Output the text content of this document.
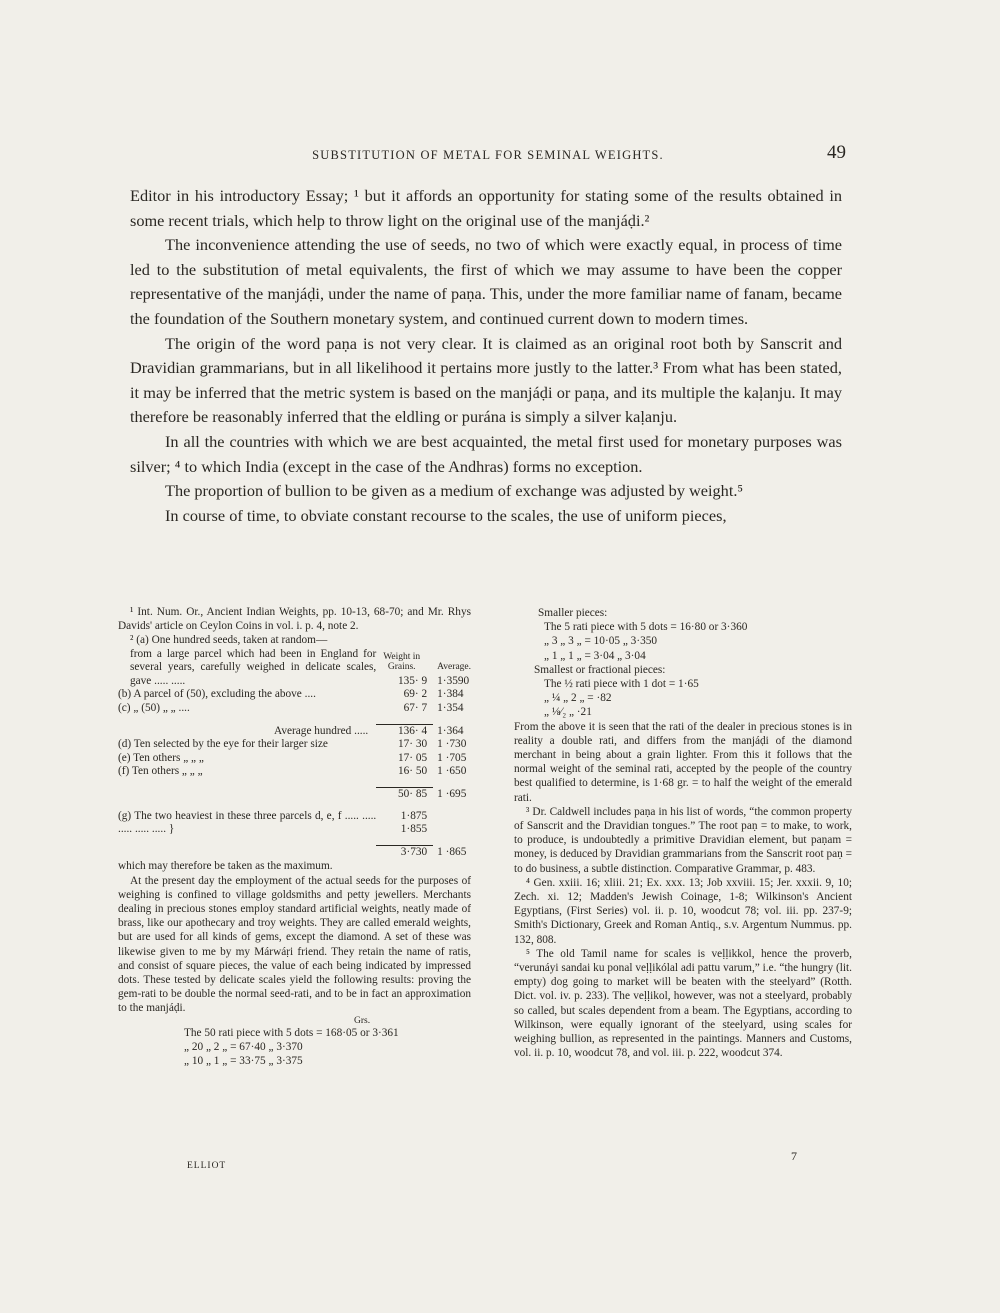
SUBSTITUTION OF METAL FOR SEMINAL WEIGHTS.	49

Editor in his introductory Essay; ¹ but it affords an opportunity for stating some of the results obtained in some recent trials, which help to throw light on the original use of the manjáḍi.²

The inconvenience attending the use of seeds, no two of which were exactly equal, in process of time led to the substitution of metal equivalents, the first of which we may assume to have been the copper representative of the manjáḍi, under the name of paṇa. This, under the more familiar name of fanam, became the foundation of the Southern monetary system, and continued current down to modern times.

The origin of the word paṇa is not very clear. It is claimed as an original root both by Sanscrit and Dravidian grammarians, but in all likelihood it pertains more justly to the latter.³ From what has been stated, it may be inferred that the metric system is based on the manjáḍi or paṇa, and its multiple the kaḷanju. It may therefore be reasonably inferred that the eldling or purána is simply a silver kaḷanju.

In all the countries with which we are best acquainted, the metal first used for monetary purposes was silver; ⁴ to which India (except in the case of the Andhras) forms no exception.

The proportion of bullion to be given as a medium of exchange was adjusted by weight.⁵

In course of time, to obviate constant recourse to the scales, the use of uniform pieces,

¹ Int. Num. Or., Ancient Indian Weights, pp. 10-13, 68-70; and Mr. Rhys Davids' article on Ceylon Coins in vol. i. p. 4, note 2.

² (a) One hundred seeds, taken at random—

from a large parcel which had been in England for several years, carefully weighed in delicate scales, gave ..... .....	Weight in Grains.	Average.
	135· 9	1·3590
(b) A parcel of (50), excluding the above ....	69· 2	1·384
(c) „ (50) „ „ ....	67· 7	1·354

Average hundred .....	136· 4	1·364
(d) Ten selected by the eye for their larger size	17· 30	1 ·730
(e) Ten others „ „ „	17· 05	1 ·705
(f) Ten others „ „ „	16· 50	1 ·650

	50· 85	1 ·695

(g) The two heaviest in these three parcels d, e, f ..... ..... ..... ..... ..... }	1·875 1·855	

	3·730	1 ·865

which may therefore be taken as the maximum.

At the present day the employment of the actual seeds for the purposes of weighing is confined to village goldsmiths and petty jewellers. Merchants dealing in precious stones employ standard artificial weights, neatly made of brass, like our apothecary and troy weights. They are called emerald weights, but are used for all kinds of gems, except the diamond. A set of these was likewise given to me by my Márwáṛi friend. They retain the name of ratis, and consist of square pieces, the value of each being indicated by impressed dots. These tested by delicate scales yield the following results: proving the gem-rati to be double the normal seed-rati, and to be in fact an approximation to the manjáḍi.

Grs.
The 50 rati piece with 5 dots = 168·05 or 3·361
„ 20 „ 2 „ = 67·40 „ 3·370
„ 10 „ 1 „ = 33·75 „ 3·375
ELLIOT
Smaller pieces:
The 5 rati piece with 5 dots = 16·80 or 3·360
„ 3 „ 3 „ = 10·05 „ 3·350
„ 1 „ 1 „ = 3·04 „ 3·04
Smallest or fractional pieces:
The ½ rati piece with 1 dot = 1·65
„ ¼ „ 2 „ = ·82
„ ⅛⁄₂ „ ·21

From the above it is seen that the rati of the dealer in precious stones is in reality a double rati, and differs from the manjáḍi of the diamond merchant in being about a grain lighter. From this it follows that the normal weight of the seminal rati, accepted by the people of the country best qualified to determine, is 1·68 gr. = to half the weight of the emerald rati.

³ Dr. Caldwell includes paṇa in his list of words, “the common property of Sanscrit and the Dravidian tongues.” The root paṇ = to make, to work, to produce, is undoubtedly a primitive Dravidian element, but paṇam = money, is deduced by Dravidian grammarians from the Sanscrit root paṇ = to do business, a subtle distinction. Comparative Grammar, p. 483.

⁴ Gen. xxiii. 16; xliii. 21; Ex. xxx. 13; Job xxviii. 15; Jer. xxxii. 9, 10; Zech. xi. 12; Madden's Jewish Coinage, 1-8; Wilkinson's Ancient Egyptians, (First Series) vol. ii. p. 10, woodcut 78; vol. iii. pp. 237-9; Smith's Dictionary, Greek and Roman Antiq., s.v. Argentum Nummus. pp. 132, 808.

⁵ The old Tamil name for scales is veḷḷikkol, hence the proverb, “verunáyi sandai ku ponal veḷḷikólal adi pattu varum,” i.e. “the hungry (lit. empty) dog going to market will be beaten with the steelyard” (Rotth. Dict. vol. iv. p. 233). The veḷḷikol, however, was not a steelyard, probably so called, but scales dependent from a beam. The Egyptians, according to Wilkinson, were equally ignorant of the steelyard, using scales for weighing bullion, as represented in the paintings. Manners and Customs, vol. ii. p. 10, woodcut 78, and vol. iii. p. 222, woodcut 374.

7
